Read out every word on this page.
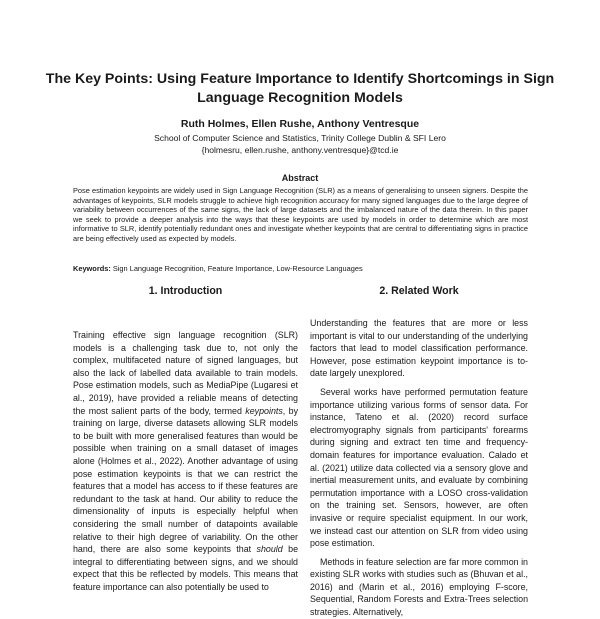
The Key Points: Using Feature Importance to Identify Shortcomings in Sign Language Recognition Models
Ruth Holmes, Ellen Rushe, Anthony Ventresque
School of Computer Science and Statistics, Trinity College Dublin & SFI Lero
{holmesru, ellen.rushe, anthony.ventresque}@tcd.ie
Abstract

Pose estimation keypoints are widely used in Sign Language Recognition (SLR) as a means of generalising to unseen signers. Despite the advantages of keypoints, SLR models struggle to achieve high recognition accuracy for many signed languages due to the large degree of variability between occurrences of the same signs, the lack of large datasets and the imbalanced nature of the data therein. In this paper we seek to provide a deeper analysis into the ways that these keypoints are used by models in order to determine which are most informative to SLR, identify potentially redundant ones and investigate whether keypoints that are central to differentiating signs in practice are being effectively used as expected by models.

Keywords: Sign Language Recognition, Feature Importance, Low-Resource Languages

1. Introduction	2. Related Work

Training effective sign language recognition (SLR) models is a challenging task due to, not only the complex, multifaceted nature of signed languages, but also the lack of labelled data available to train models. Pose estimation models, such as MediaPipe (Lugaresi et al., 2019), have provided a reliable means of detecting the most salient parts of the body, termed keypoints, by training on large, diverse datasets allowing SLR models to be built with more generalised features than would be possible when training on a small dataset of images alone (Holmes et al., 2022). Another advantage of using pose estimation keypoints is that we can restrict the features that a model has access to if these features are redundant to the task at hand. Our ability to reduce the dimensionality of inputs is especially helpful when considering the small number of datapoints available relative to their high degree of variability. On the other hand, there are also some keypoints that should be integral to differentiating between signs, and we should expect that this be reflected by models. This means that feature importance can also potentially be used to

Understanding the features that are more or less important is vital to our understanding of the underlying factors that lead to model classification performance. However, pose estimation keypoint importance is to-date largely unexplored.

Several works have performed permutation feature importance utilizing various forms of sensor data. For instance, Tateno et al. (2020) record surface electromyography signals from participants' forearms during signing and extract ten time and frequency-domain features for importance evaluation. Calado et al. (2021) utilize data collected via a sensory glove and inertial measurement units, and evaluate by combining permutation importance with a LOSO cross-validation on the training set. Sensors, however, are often invasive or require specialist equipment. In our work, we instead cast our attention on SLR from video using pose estimation.

Methods in feature selection are far more common in existing SLR works with studies such as (Bhuvan et al., 2016) and (Marin et al., 2016) employing F-score, Sequential, Random Forests and Extra-Trees selection strategies. Alternatively,
